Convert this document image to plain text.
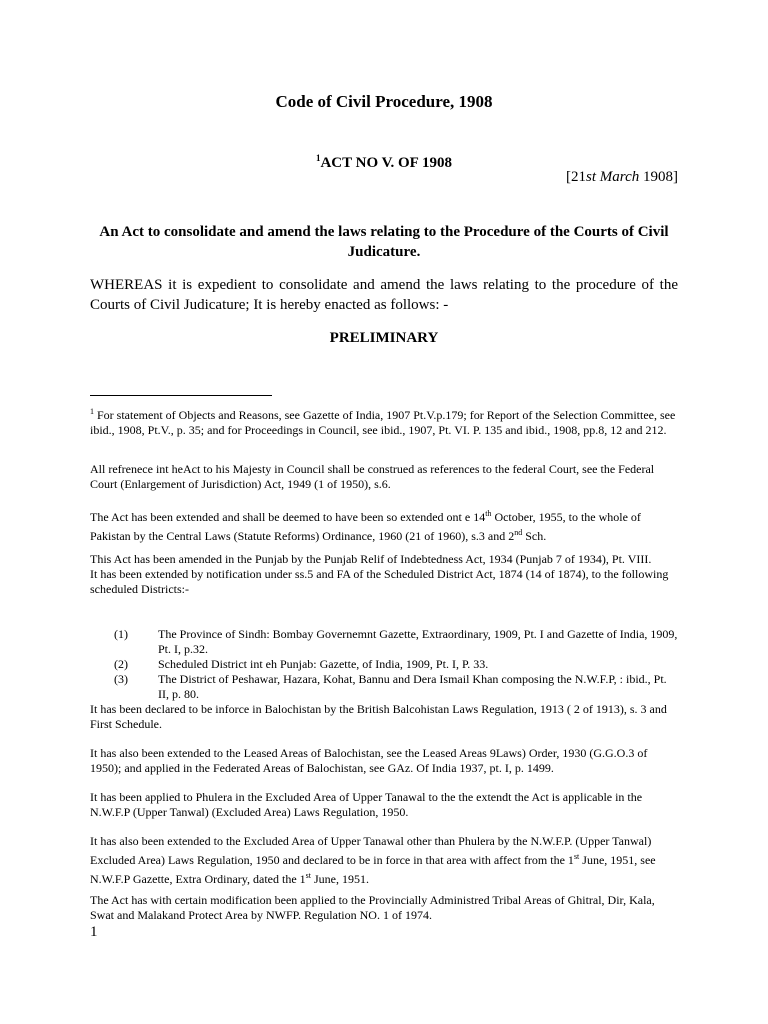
Code of Civil Procedure, 1908
$^1$ACT NO V. OF 1908
[21st March 1908]
An Act to consolidate and amend the laws relating to the Procedure of the Courts of Civil Judicature.
WHEREAS it is expedient to consolidate and amend the laws relating to the procedure of the Courts of Civil Judicature; It is hereby enacted as follows: -
PRELIMINARY

$^1$ For statement of Objects and Reasons, see Gazette of India, 1907 Pt.V.p.179; for Report of the Selection Committee, see ibid., 1908, Pt.V., p. 35; and for Proceedings in Council, see ibid., 1907, Pt. VI. P. 135 and ibid., 1908, pp.8, 12 and 212.

All refrenece int heAct to his Majesty in Council shall be construed as references to the federal Court, see the Federal Court (Enlargement of Jurisdiction) Act, 1949 (1 of 1950), s.6.

The Act has been extended and shall be deemed to have been so extended ont e 14th October, 1955, to the whole of Pakistan by the Central Laws (Statute Reforms) Ordinance, 1960 (21 of 1960), s.3 and 2nd Sch.

This Act has been amended in the Punjab by the Punjab Relif of Indebtedness Act, 1934 (Punjab 7 of 1934), Pt. VIII.

It has been extended by notification under ss.5 and FA of the Scheduled District Act, 1874 (14 of 1874), to the following scheduled Districts:-

(1)	The Province of Sindh: Bombay Governemnt Gazette, Extraordinary, 1909, Pt. I and Gazette of India, 1909, Pt. I, p.32.
(2)	Scheduled District int eh Punjab: Gazette, of India, 1909, Pt. I, P. 33.
(3)	The District of Peshawar, Hazara, Kohat, Bannu and Dera Ismail Khan composing the N.W.F.P, : ibid., Pt. II, p. 80.

It has been declared to be inforce in Balochistan by the British Balcohistan Laws Regulation, 1913 ( 2 of 1913), s. 3 and First Schedule.

It has also been extended to the Leased Areas of Balochistan, see the Leased Areas 9Laws) Order, 1930 (G.G.O.3 of 1950); and applied in the Federated Areas of Balochistan, see GAz. Of India 1937, pt. I, p. 1499.

It has been applied to Phulera in the Excluded Area of Upper Tanawal to the the extendt the Act is applicable in the N.W.F.P (Upper Tanwal) (Excluded Area) Laws Regulation, 1950.

It has also been extended to the Excluded Area of Upper Tanawal other than Phulera by the N.W.F.P. (Upper Tanwal) Excluded Area) Laws Regulation, 1950 and declared to be in force in that area with affect from the 1st June, 1951, see N.W.F.P Gazette, Extra Ordinary, dated the 1st June, 1951.

The Act has with certain modification been applied to the Provincially Administred Tribal Areas of Ghitral, Dir, Kala, Swat and Malakand Protect Area by NWFP. Regulation NO. 1 of 1974.

1
